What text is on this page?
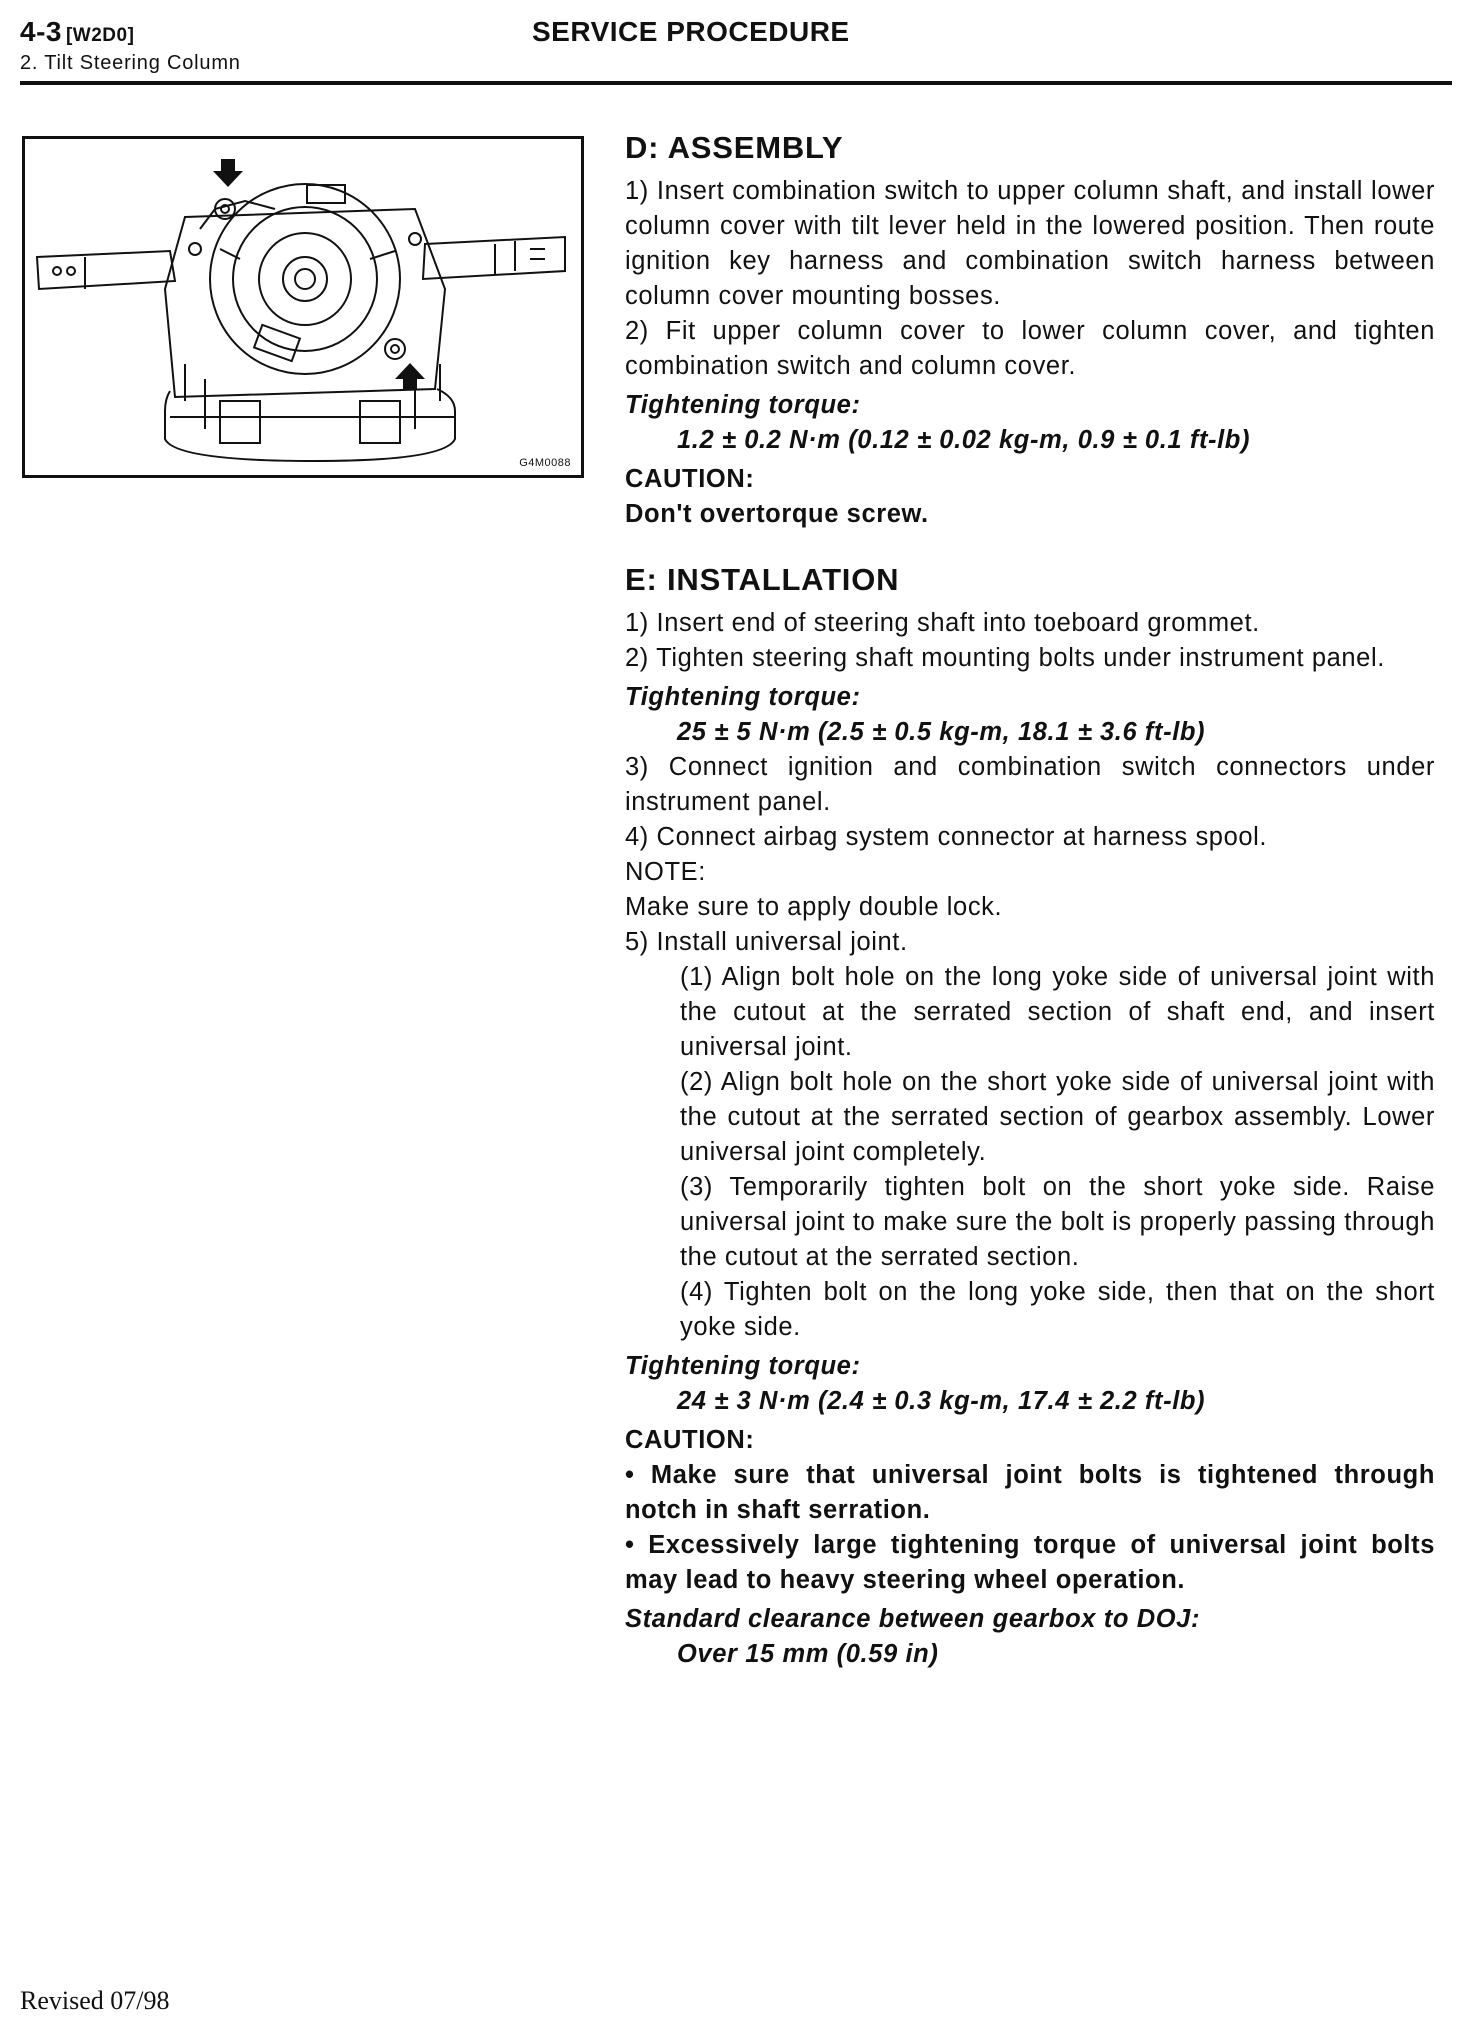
4-3 [W2D0]	SERVICE PROCEDURE
2. Tilt Steering Column
G4M0088
D: ASSEMBLY

1) Insert combination switch to upper column shaft, and install lower column cover with tilt lever held in the lowered position. Then route ignition key harness and combination switch harness between column cover mounting bosses.

2) Fit upper column cover to lower column cover, and tighten combination switch and column cover.

Tightening torque:
1.2 ± 0.2 N·m (0.12 ± 0.02 kg-m, 0.9 ± 0.1 ft-lb)
CAUTION:
Don't overtorque screw.
E: INSTALLATION

1) Insert end of steering shaft into toeboard grommet.

2) Tighten steering shaft mounting bolts under instrument panel.

Tightening torque:
25 ± 5 N·m (2.5 ± 0.5 kg-m, 18.1 ± 3.6 ft-lb)

3) Connect ignition and combination switch connectors under instrument panel.

4) Connect airbag system connector at harness spool.

NOTE:
Make sure to apply double lock.

5) Install universal joint.

(1) Align bolt hole on the long yoke side of universal joint with the cutout at the serrated section of shaft end, and insert universal joint.

(2) Align bolt hole on the short yoke side of universal joint with the cutout at the serrated section of gearbox assembly. Lower universal joint completely.

(3) Temporarily tighten bolt on the short yoke side. Raise universal joint to make sure the bolt is properly passing through the cutout at the serrated section.

(4) Tighten bolt on the long yoke side, then that on the short yoke side.

Tightening torque:
24 ± 3 N·m (2.4 ± 0.3 kg-m, 17.4 ± 2.2 ft-lb)
CAUTION:

• Make sure that universal joint bolts is tightened through notch in shaft serration.

• Excessively large tightening torque of universal joint bolts may lead to heavy steering wheel operation.

Standard clearance between gearbox to DOJ:
Over 15 mm (0.59 in)
Revised 07/98
